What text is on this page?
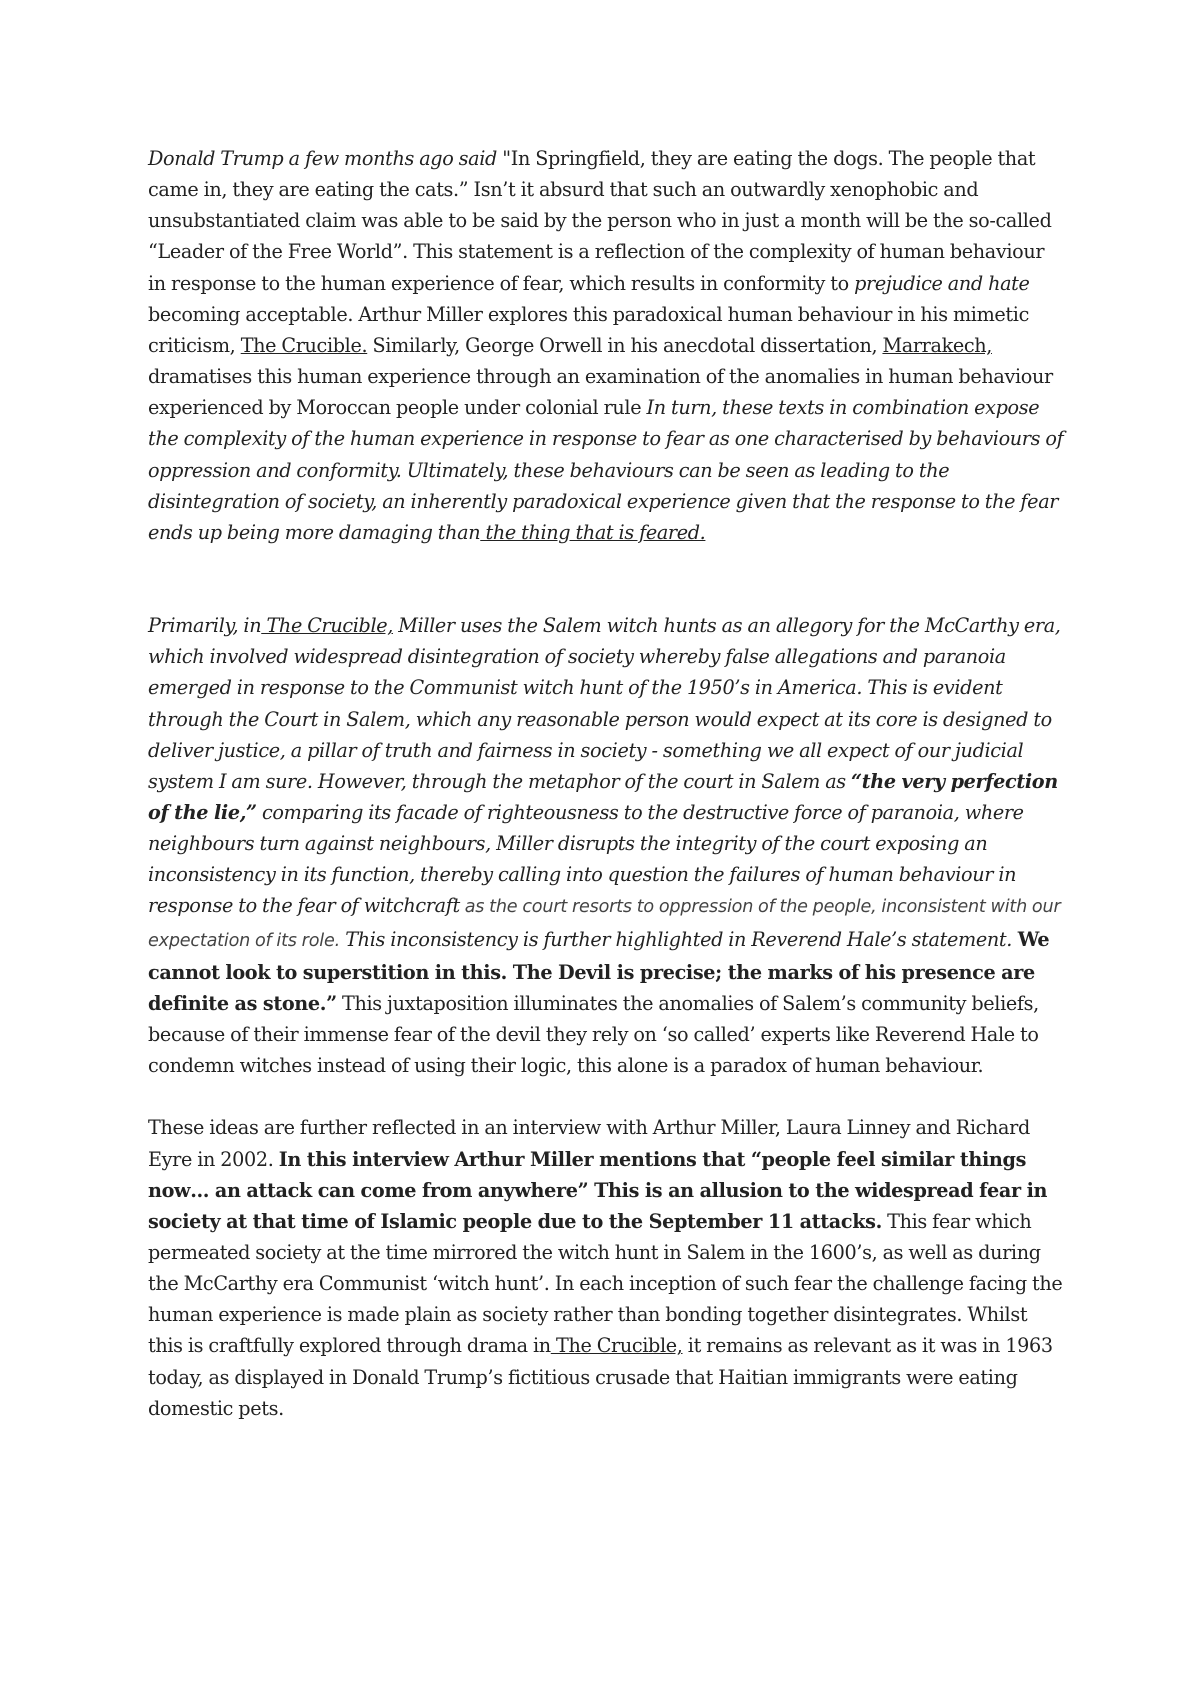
Donald Trump a few months ago said "In Springfield, they are eating the dogs. The people that came in, they are eating the cats.” Isn’t it absurd that such an outwardly xenophobic and unsubstantiated claim was able to be said by the person who in just a month will be the so-called “Leader of the Free World”. This statement is a reflection of the complexity of human behaviour in response to the human experience of fear, which results in conformity to prejudice and hate becoming acceptable. Arthur Miller explores this paradoxical human behaviour in his mimetic criticism, The Crucible. Similarly, George Orwell in his anecdotal dissertation, Marrakech, dramatises this human experience through an examination of the anomalies in human behaviour experienced by Moroccan people under colonial rule In turn, these texts in combination expose the complexity of the human experience in response to fear as one characterised by behaviours of oppression and conformity. Ultimately, these behaviours can be seen as leading to the disintegration of society, an inherently paradoxical experience given that the response to the fear ends up being more damaging than the thing that is feared.

Primarily, in The Crucible, Miller uses the Salem witch hunts as an allegory for the McCarthy era, which involved widespread disintegration of society whereby false allegations and paranoia emerged in response to the Communist witch hunt of the 1950’s in America. This is evident through the Court in Salem, which any reasonable person would expect at its core is designed to deliver justice, a pillar of truth and fairness in society - something we all expect of our judicial system I am sure. However, through the metaphor of the court in Salem as “the very perfection of the lie,” comparing its facade of righteousness to the destructive force of paranoia, where neighbours turn against neighbours, Miller disrupts the integrity of the court exposing an inconsistency in its function, thereby calling into question the failures of human behaviour in response to the fear of witchcraft as the court resorts to oppression of the people, inconsistent with our expectation of its role. This inconsistency is further highlighted in Reverend Hale’s statement. We cannot look to superstition in this. The Devil is precise; the marks of his presence are definite as stone.” This juxtaposition illuminates the anomalies of Salem’s community beliefs, because of their immense fear of the devil they rely on ‘so called’ experts like Reverend Hale to condemn witches instead of using their logic, this alone is a paradox of human behaviour.

These ideas are further reflected in an interview with Arthur Miller, Laura Linney and Richard Eyre in 2002. In this interview Arthur Miller mentions that “people feel similar things now… an attack can come from anywhere” This is an allusion to the widespread fear in society at that time of Islamic people due to the September 11 attacks. This fear which permeated society at the time mirrored the witch hunt in Salem in the 1600’s, as well as during the McCarthy era Communist ‘witch hunt’. In each inception of such fear the challenge facing the human experience is made plain as society rather than bonding together disintegrates. Whilst this is craftfully explored through drama in The Crucible, it remains as relevant as it was in 1963 today, as displayed in Donald Trump’s fictitious crusade that Haitian immigrants were eating domestic pets.
